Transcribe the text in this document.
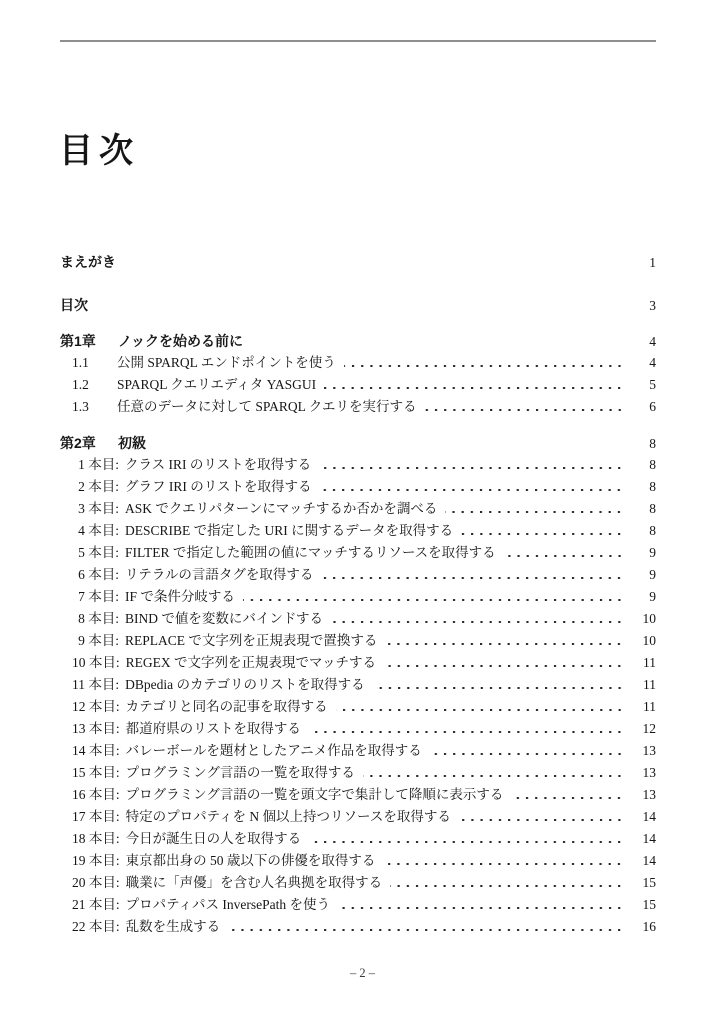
目次
まえがき	1
目次	3
第1章	ノックを始める前に	4
1.1	公開 SPARQL エンドポイントを使う	4
1.2	SPARQL クエリエディタ YASGUI	5
1.3	任意のデータに対して SPARQL クエリを実行する	6
第2章	初級	8
1 本目: クラス IRI のリストを取得する	8
2 本目: グラフ IRI のリストを取得する	8
3 本目: ASK でクエリパターンにマッチするか否かを調べる	8
4 本目: DESCRIBE で指定した URI に関するデータを取得する	8
5 本目: FILTER で指定した範囲の値にマッチするリソースを取得する	9
6 本目: リテラルの言語タグを取得する	9
7 本目: IF で条件分岐する	9
8 本目: BIND で値を変数にバインドする	10
9 本目: REPLACE で文字列を正規表現で置換する	10
10 本目: REGEX で文字列を正規表現でマッチする	11
11 本目: DBpedia のカテゴリのリストを取得する	11
12 本目: カテゴリと同名の記事を取得する	11
13 本目: 都道府県のリストを取得する	12
14 本目: バレーボールを題材としたアニメ作品を取得する	13
15 本目: プログラミング言語の一覧を取得する	13
16 本目: プログラミング言語の一覧を頭文字で集計して降順に表示する	13
17 本目: 特定のプロパティを N 個以上持つリソースを取得する	14
18 本目: 今日が誕生日の人を取得する	14
19 本目: 東京都出身の 50 歳以下の俳優を取得する	14
20 本目: 職業に「声優」を含む人名典拠を取得する	15
21 本目: プロパティパス InversePath を使う	15
22 本目: 乱数を生成する	16
– 2 –
